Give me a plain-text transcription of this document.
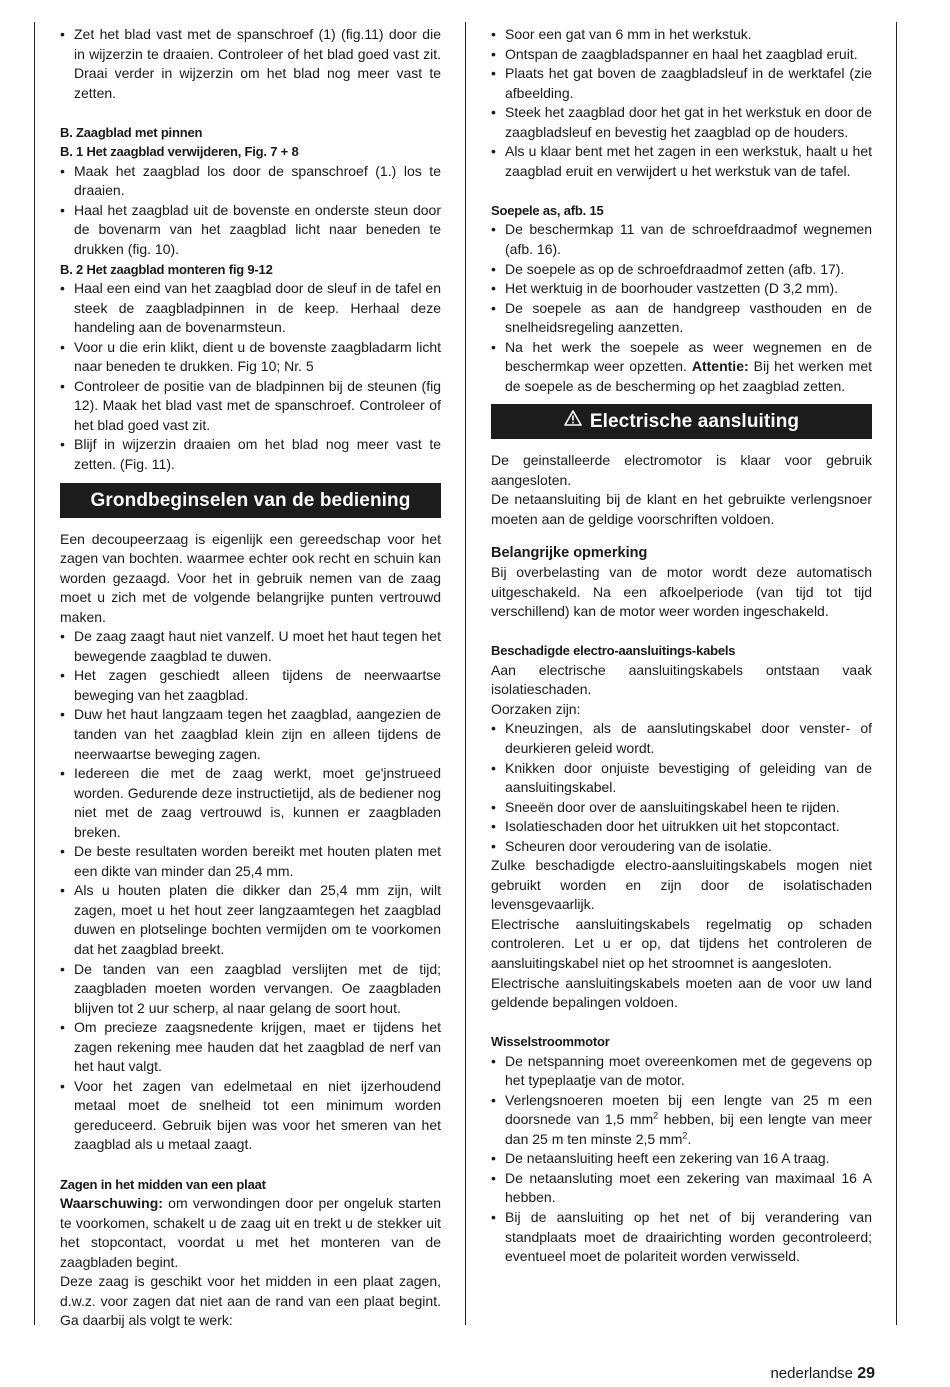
• Zet het blad vast met de spanschroef (1) (fig.11) door die in wijzerzin te draaien. Controleer of het blad goed vast zit. Draai verder in wijzerzin om het blad nog meer vast te zetten.

B. Zaagblad met pinnen

B. 1 Het zaagblad verwijderen, Fig. 7 + 8

• Maak het zaagblad los door de spanschroef (1.) los te draaien.

• Haal het zaagblad uit de bovenste en onderste steun door de bovenarm van het zaagblad licht naar beneden te drukken (fig. 10).

B. 2 Het zaagblad monteren fig 9-12

• Haal een eind van het zaagblad door de sleuf in de tafel en steek de zaagbladpinnen in de keep. Herhaal deze handeling aan de bovenarmsteun.

• Voor u die erin klikt, dient u de bovenste zaagbladarm licht naar beneden te drukken. Fig 10; Nr. 5

• Controleer de positie van de bladpinnen bij de steunen (fig 12). Maak het blad vast met de spanschroef. Controleer of het blad goed vast zit.

• Blijf in wijzerzin draaien om het blad nog meer vast te zetten. (Fig. 11).

Grondbeginselen van de bediening

Een decoupeerzaag is eigenlijk een gereedschap voor het zagen van bochten. waarmee echter ook recht en schuin kan worden gezaagd. Voor het in gebruik nemen van de zaag moet u zich met de volgende belangrijke punten vertrouwd maken.

• De zaag zaagt haut niet vanzelf. U moet het haut tegen het bewegende zaagblad te duwen.

• Het zagen geschiedt alleen tijdens de neerwaartse beweging van het zaagblad.

• Duw het haut langzaam tegen het zaagblad, aangezien de tanden van het zaagblad klein zijn en alleen tijdens de neerwaartse beweging zagen.

• Iedereen die met de zaag werkt, moet ge'jnstrueed worden. Gedurende deze instructietijd, als de bediener nog niet met de zaag vertrouwd is, kunnen er zaagbladen breken.

• De beste resultaten worden bereikt met houten platen met een dikte van minder dan 25,4 mm.

• Als u houten platen die dikker dan 25,4 mm zijn, wilt zagen, moet u het hout zeer langzaamtegen het zaagblad duwen en plotselinge bochten vermijden om te voorkomen dat het zaagblad breekt.

• De tanden van een zaagblad verslijten met de tijd; zaagbladen moeten worden vervangen. Oe zaagbladen blijven tot 2 uur scherp, al naar gelang de soort hout.

• Om precieze zaagsnedente krijgen, maet er tijdens het zagen rekening mee hauden dat het zaagblad de nerf van het haut valgt.

• Voor het zagen van edelmetaal en niet ijzerhoudend metaal moet de snelheid tot een minimum worden gereduceerd. Gebruik bijen was voor het smeren van het zaagblad als u metaal zaagt.

Zagen in het midden van een plaat

Waarschuwing: om verwondingen door per ongeluk starten te voorkomen, schakelt u de zaag uit en trekt u de stekker uit het stopcontact, voordat u met het monteren van de zaagbladen begint.

Deze zaag is geschikt voor het midden in een plaat zagen, d.w.z. voor zagen dat niet aan de rand van een plaat begint. Ga daarbij als volgt te werk:

• Soor een gat van 6 mm in het werkstuk.

• Ontspan de zaagbladspanner en haal het zaagblad eruit.

• Plaats het gat boven de zaagbladsleuf in de werktafel (zie afbeelding.

• Steek het zaagblad door het gat in het werkstuk en door de zaagbladsleuf en bevestig het zaagblad op de houders.

• Als u klaar bent met het zagen in een werkstuk, haalt u het zaagblad eruit en verwijdert u het werkstuk van de tafel.

Soepele as, afb. 15

• De beschermkap 11 van de schroefdraadmof wegnemen (afb. 16).

• De soepele as op de schroefdraadmof zetten (afb. 17).

• Het werktuig in de boorhouder vastzetten (D 3,2 mm).

• De soepele as aan de handgreep vasthouden en de snelheidsregeling aanzetten.

• Na het werk the soepele as weer wegnemen en de beschermkap weer opzetten. Attentie: Bij het werken met de soepele as de bescherming op het zaagblad zetten.

Electrische aansluiting

De geinstalleerde electromotor is klaar voor gebruik aangesloten.

De netaansluiting bij de klant en het gebruikte verlengsnoer moeten aan de geldige voorschriften voldoen.

Belangrijke opmerking

Bij overbelasting van de motor wordt deze automatisch uitgeschakeld. Na een afkoelperiode (van tijd tot tijd verschillend) kan de motor weer worden ingeschakeld.

Beschadigde electro-aansluitings-kabels

Aan electrische aansluitingskabels ontstaan vaak isolatieschaden.

Oorzaken zijn:

• Kneuzingen, als de aanslutingskabel door venster- of deurkieren geleid wordt.

• Knikken door onjuiste bevestiging of geleiding van de aansluitingskabel.

• Sneeën door over de aansluitingskabel heen te rijden.

• Isolatieschaden door het uitrukken uit het stopcontact.

• Scheuren door veroudering van de isolatie.

Zulke beschadigde electro-aansluitingskabels mogen niet gebruikt worden en zijn door de isolatischaden levensgevaarlijk.

Electrische aansluitingskabels regelmatig op schaden controleren. Let u er op, dat tijdens het controleren de aansluitingskabel niet op het stroomnet is aangesloten.

Electrische aansluitingskabels moeten aan de voor uw land geldende bepalingen voldoen.

Wisselstroommotor

• De netspanning moet overeenkomen met de gegevens op het typeplaatje van de motor.

• Verlengsnoeren moeten bij een lengte van 25 m een doorsnede van 1,5 $mm^2$ hebben, bij een lengte van meer dan 25 m ten minste 2,5 $mm^2$.

• De netaansluiting heeft een zekering van 16 A traag.

• De netaansluting moet een zekering van maximaal 16 A hebben.

• Bij de aansluiting op het net of bij verandering van standplaats moet de draairichting worden gecontroleerd; eventueel moet de polariteit worden verwisseld.

nederlandse 29
